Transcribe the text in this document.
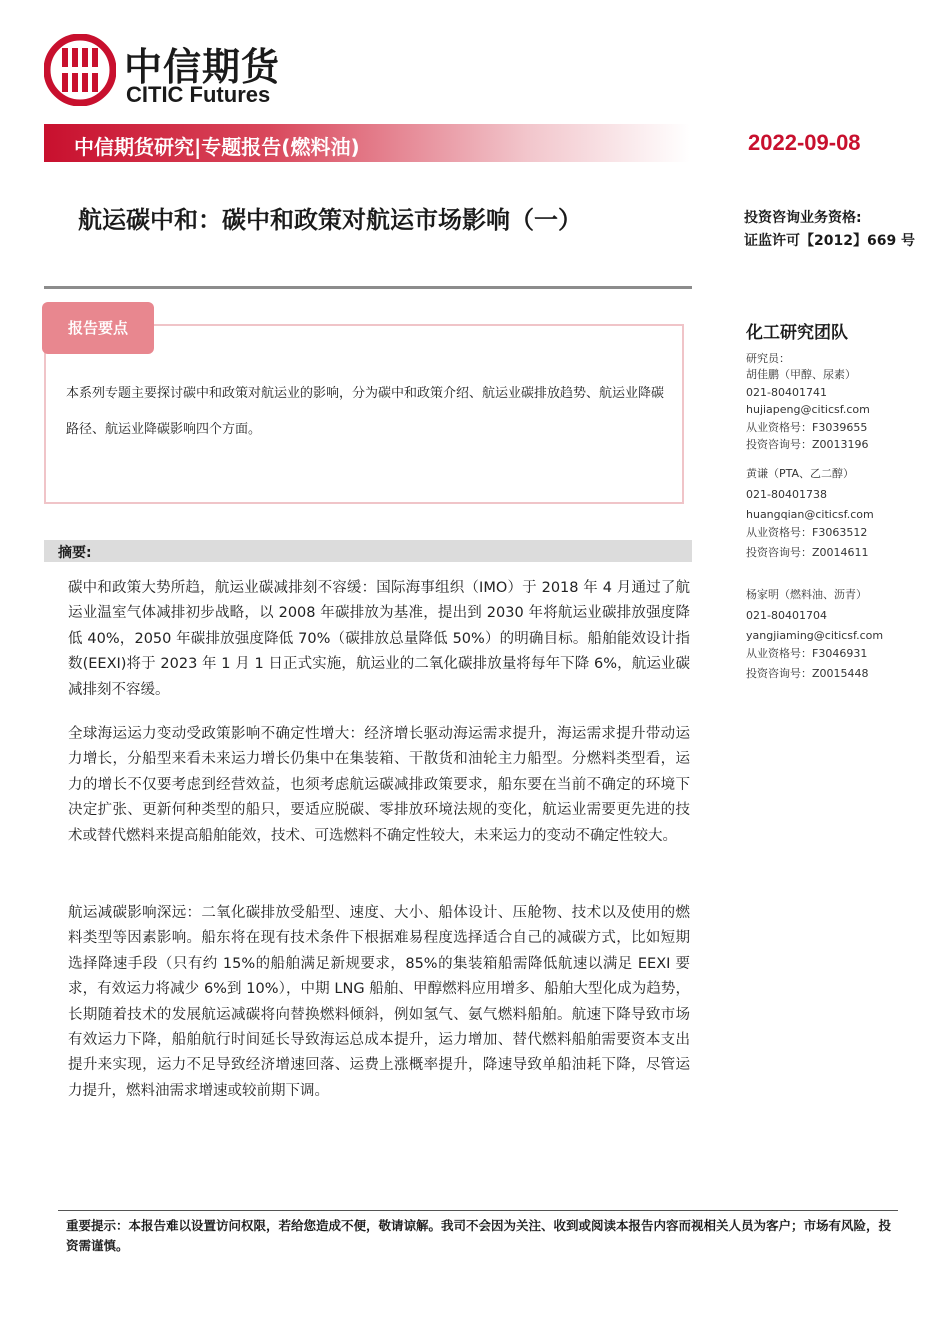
中信期货
CITIC Futures
中信期货研究|专题报告(燃料油)	2022-09-08
航运碳中和：碳中和政策对航运市场影响（一）	投资咨询业务资格:
证监许可【2012】669 号
报告要点
本系列专题主要探讨碳中和政策对航运业的影响，分为碳中和政策介绍、航运业碳排放趋势、航运业降碳路径、航运业降碳影响四个方面。
摘要:
碳中和政策大势所趋，航运业碳减排刻不容缓：国际海事组织（IMO）于 2018 年 4 月通过了航运业温室气体减排初步战略，以 2008 年碳排放为基准，提出到 2030 年将航运业碳排放强度降低 40%，2050 年碳排放强度降低 70%（碳排放总量降低 50%）的明确目标。船舶能效设计指数(EEXI)将于 2023 年 1 月 1 日正式实施，航运业的二氧化碳排放量将每年下降 6%，航运业碳减排刻不容缓。
全球海运运力变动受政策影响不确定性增大：经济增长驱动海运需求提升，海运需求提升带动运力增长，分船型来看未来运力增长仍集中在集装箱、干散货和油轮主力船型。分燃料类型看，运力的增长不仅要考虑到经营效益，也须考虑航运碳减排政策要求，船东要在当前不确定的环境下决定扩张、更新何种类型的船只，要适应脱碳、零排放环境法规的变化，航运业需要更先进的技术或替代燃料来提高船舶能效，技术、可选燃料不确定性较大，未来运力的变动不确定性较大。
航运减碳影响深远：二氧化碳排放受船型、速度、大小、船体设计、压舱物、技术以及使用的燃料类型等因素影响。船东将在现有技术条件下根据难易程度选择适合自己的减碳方式，比如短期选择降速手段（只有约 15%的船舶满足新规要求，85%的集装箱船需降低航速以满足 EEXI 要求，有效运力将减少 6%到 10%），中期 LNG 船舶、甲醇燃料应用增多、船舶大型化成为趋势，长期随着技术的发展航运减碳将向替换燃料倾斜，例如氢气、氨气燃料船舶。航速下降导致市场有效运力下降，船舶航行时间延长导致海运总成本提升，运力增加、替代燃料船舶需要资本支出提升来实现，运力不足导致经济增速回落、运费上涨概率提升，降速导致单船油耗下降，尽管运力提升，燃料油需求增速或较前期下调。
化工研究团队
研究员：
胡佳鹏（甲醇、尿素）
021-80401741
hujiapeng@citicsf.com
从业资格号：F3039655
投资咨询号：Z0013196
黄谦（PTA、乙二醇）
021-80401738
huangqian@citicsf.com
从业资格号：F3063512
投资咨询号：Z0014611
杨家明（燃料油、沥青）
021-80401704
yangjiaming@citicsf.com
从业资格号：F3046931
投资咨询号：Z0015448
重要提示：本报告难以设置访问权限，若给您造成不便，敬请谅解。我司不会因为关注、收到或阅读本报告内容而视相关人员为客户；市场有风险，投资需谨慎。
